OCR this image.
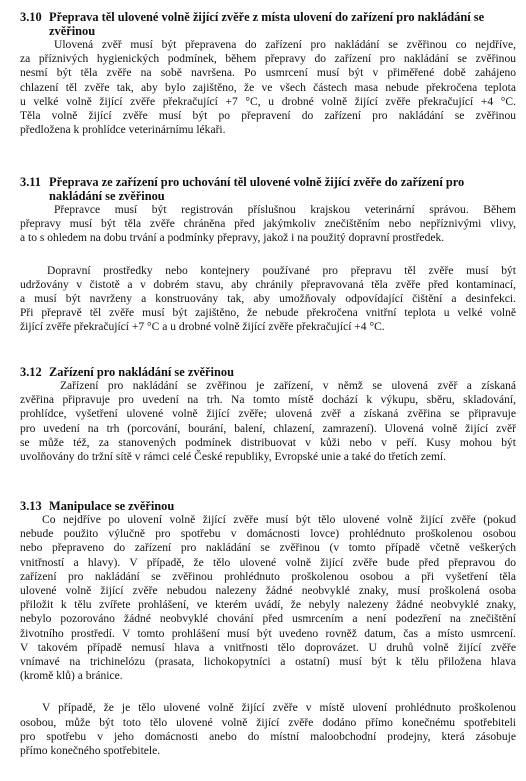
3.10 Přeprava těl ulovené volně žijící zvěře z místa ulovení do zařízení pro nakládání se
zvěřinou
Ulovená zvěř musí být přepravena do zařízení pro nakládání se zvěřinou co nejdříve,
za příznivých hygienických podmínek, během přepravy do zařízení pro nakládání se zvěřinou
nesmí být těla zvěře na sobě navršena. Po usmrcení musí být v přiměřené době zahájeno
chlazení těl zvěře tak, aby bylo zajištěno, že ve všech částech masa nebude překročena teplota
u velké volně žijící zvěře překračující +7 °C, u drobné volně žijící zvěře překračující +4 °C.
Těla volně žijící zvěře musí být po přepravení do zařízení pro nakládání se zvěřinou
předložena k prohlídce veterinárnímu lékaři.
3.11 Přeprava ze zařízení pro uchování těl ulovené volně žijící zvěře do zařízení pro
nakládání se zvěřinou
Přepravce musí být registrován příslušnou krajskou veterinární správou. Během
přepravy musí být těla zvěře chráněna před jakýmkoliv znečištěním nebo nepříznivými vlivy,
a to s ohledem na dobu trvání a podmínky přepravy, jakož i na použitý dopravní prostředek.
Dopravní prostředky nebo kontejnery používané pro přepravu těl zvěře musí být
udržovány v čistotě a v dobrém stavu, aby chránily přepravovaná těla zvěře před kontaminací,
a musí být navrženy a konstruovány tak, aby umožňovaly odpovídající čištění a desinfekci.
Při přepravě těl zvěře musí být zajištěno, že nebude překročena vnitřní teplota u velké volně
žijící zvěře překračující +7 °C a u drobné volně žijící zvěře překračující +4 °C.
3.12 Zařízení pro nakládání se zvěřinou
Zařízení pro nakládání se zvěřinou je zařízení, v němž se ulovená zvěř a získaná
zvěřina připravuje pro uvedení na trh. Na tomto místě dochází k výkupu, sběru, skladování,
prohlídce, vyšetření ulovené volně žijící zvěře; ulovená zvěř a získaná zvěřina se připravuje
pro uvedení na trh (porcování, bourání, balení, chlazení, zamrazení). Ulovená volně žijící zvěř
se může též, za stanovených podmínek distribuovat v kůži nebo v peří. Kusy mohou být
uvolňovány do tržní sítě v rámci celé České republiky, Evropské unie a také do třetích zemí.
3.13 Manipulace se zvěřinou
Co nejdříve po ulovení volně žijící zvěře musí být tělo ulovené volně žijící zvěře (pokud
nebude použito výlučně pro spotřebu v domácnosti lovce) prohlédnuto proškolenou osobou
nebo přepraveno do zařízení pro nakládání se zvěřinou (v tomto případě včetně veškerých
vnitřností a hlavy). V případě, že tělo ulovené volně žijící zvěře bude před přepravou do
zařízení pro nakládání se zvěřinou prohlédnuto proškolenou osobou a při vyšetření těla
ulovené volně žijící zvěře nebudou nalezeny žádné neobvyklé znaky, musí proškolená osoba
přiložit k tělu zvířete prohlášení, ve kterém uvádí, že nebyly nalezeny žádné neobvyklé znaky,
nebylo pozorováno žádné neobvyklé chování před usmrcením a není podezření na znečištění
životního prostředí. V tomto prohlášení musí být uvedeno rovněž datum, čas a místo usmrcení.
V takovém případě nemusí hlava a vnitřnosti tělo doprovázet. U druhů volně žijící zvěře
vnímavé na trichinelózu (prasata, lichokopytníci a ostatní) musí být k tělu přiložena hlava
(kromě klů) a bránice.
V případě, že je tělo ulovené volně žijící zvěře v místě ulovení prohlédnuto proškolenou
osobou, může být toto tělo ulovené volně žijící zvěře dodáno přímo konečnému spotřebiteli
pro spotřebu v jeho domácnosti anebo do místní maloobchodní prodejny, která zásobuje
přímo konečného spotřebitele.
